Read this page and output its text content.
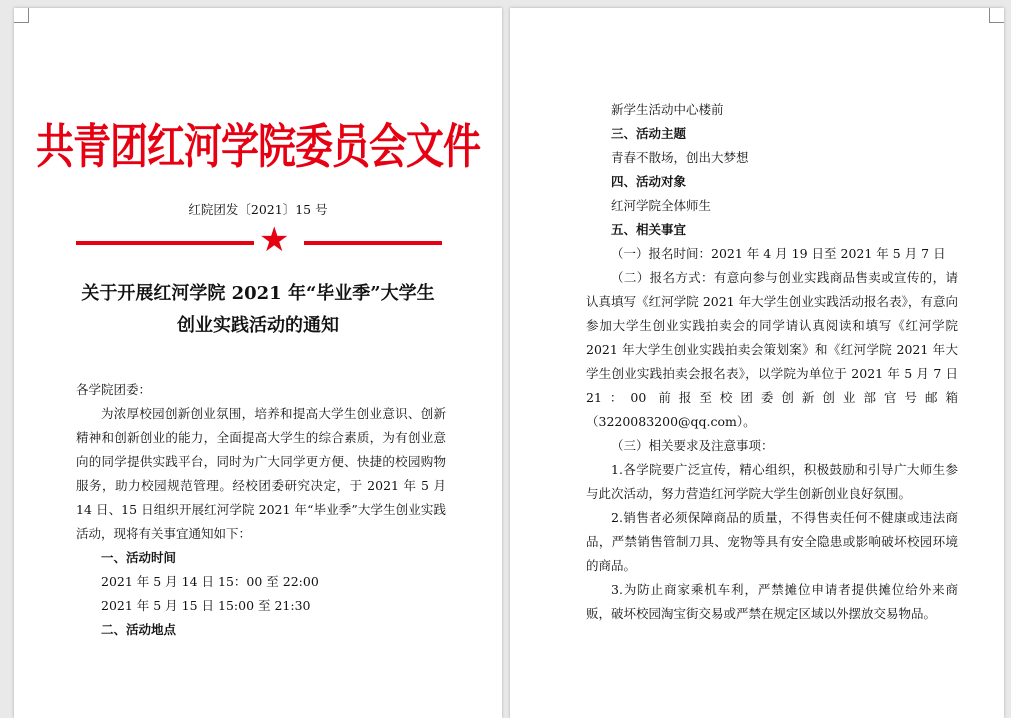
共青团红河学院委员会文件
红院团发〔2021〕15 号
★
关于开展红河学院 2021 年“毕业季”大学生
创业实践活动的通知

各学院团委：

为浓厚校园创新创业氛围，培养和提高大学生创业意识、创新精神和创新创业的能力，全面提高大学生的综合素质，为有创业意向的同学提供实践平台，同时为广大同学更方便、快捷的校园购物服务，助力校园规范管理。经校团委研究决定，于 2021 年 5 月 14 日、15 日组织开展红河学院 2021 年“毕业季”大学生创业实践活动，现将有关事宜通知如下：

一、活动时间

2021 年 5 月 14 日 15：00 至 22:00

2021 年 5 月 15 日 15:00 至 21:30

二、活动地点

新学生活动中心楼前

三、活动主题

青春不散场，创出大梦想

四、活动对象

红河学院全体师生

五、相关事宜

（一）报名时间：2021 年 4 月 19 日至 2021 年 5 月 7 日

（二）报名方式：有意向参与创业实践商品售卖或宣传的，请认真填写《红河学院 2021 年大学生创业实践活动报名表》，有意向参加大学生创业实践拍卖会的同学请认真阅读和填写《红河学院 2021 年大学生创业实践拍卖会策划案》和《红河学院 2021 年大学生创业实践拍卖会报名表》，以学院为单位于 2021 年 5 月 7 日 21：00 前报至校团委创新创业部官号邮箱（3220083200@qq.com）。

（三）相关要求及注意事项：

1.各学院要广泛宣传，精心组织，积极鼓励和引导广大师生参与此次活动，努力营造红河学院大学生创新创业良好氛围。

2.销售者必须保障商品的质量，不得售卖任何不健康或违法商品，严禁销售管制刀具、宠物等具有安全隐患或影响破坏校园环境的商品。

3.为防止商家乘机车利，严禁摊位申请者提供摊位给外来商贩，破坏校园淘宝街交易或严禁在规定区域以外摆放交易物品。
